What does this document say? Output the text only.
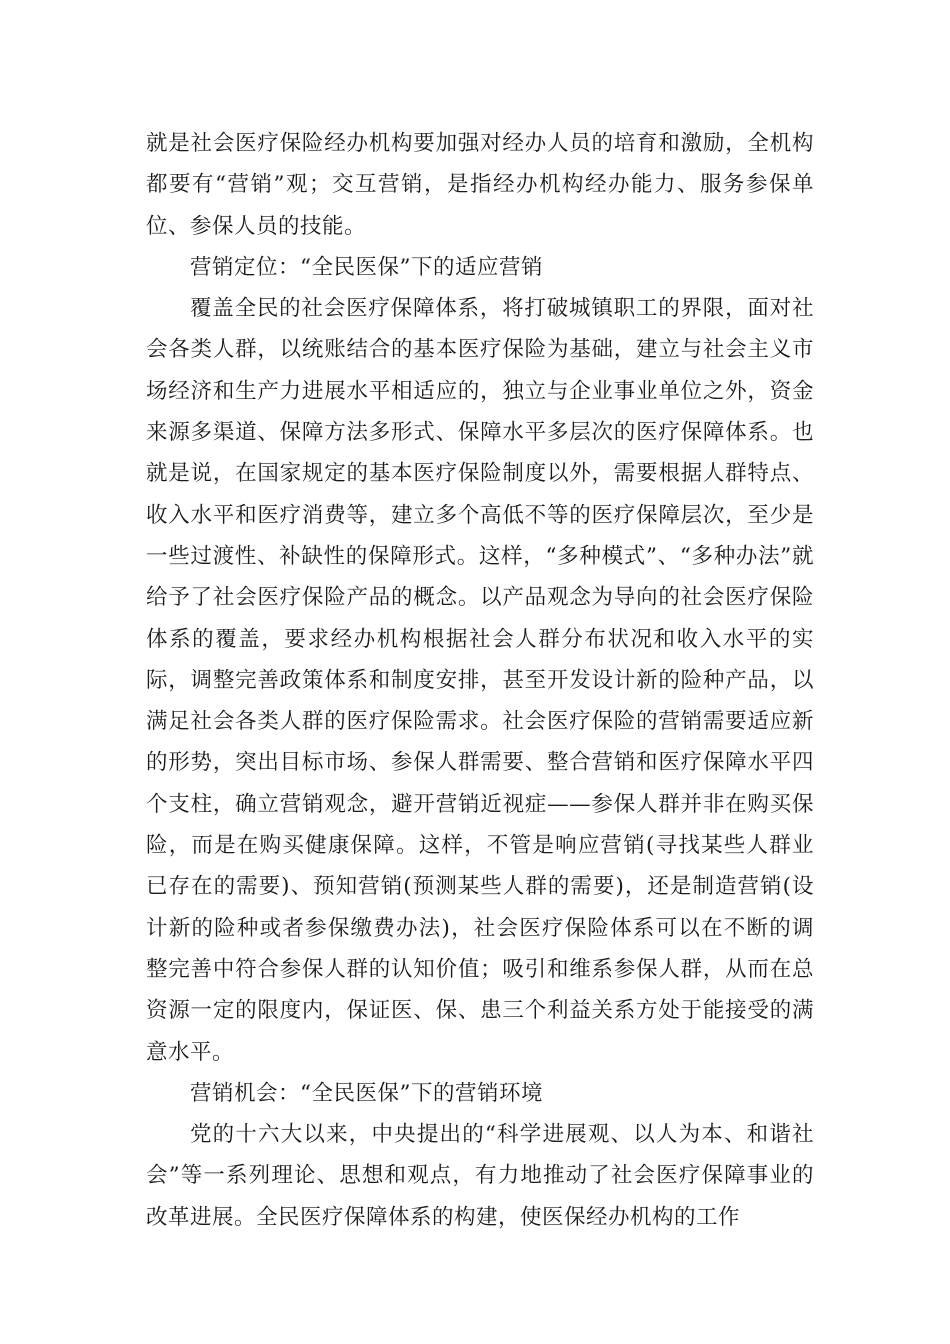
就是社会医疗保险经办机构要加强对经办人员的培育和激励，全机构都要有“营销”观；交互营销，是指经办机构经办能力、服务参保单位、参保人员的技能。

营销定位：“全民医保”下的适应营销

覆盖全民的社会医疗保障体系，将打破城镇职工的界限，面对社会各类人群，以统账结合的基本医疗保险为基础，建立与社会主义市场经济和生产力进展水平相适应的，独立与企业事业单位之外，资金来源多渠道、保障方法多形式、保障水平多层次的医疗保障体系。也就是说，在国家规定的基本医疗保险制度以外，需要根据人群特点、收入水平和医疗消费等，建立多个高低不等的医疗保障层次，至少是一些过渡性、补缺性的保障形式。这样，“多种模式”、“多种办法”就给予了社会医疗保险产品的概念。以产品观念为导向的社会医疗保险体系的覆盖，要求经办机构根据社会人群分布状况和收入水平的实际，调整完善政策体系和制度安排，甚至开发设计新的险种产品，以满足社会各类人群的医疗保险需求。社会医疗保险的营销需要适应新的形势，突出目标市场、参保人群需要、整合营销和医疗保障水平四个支柱，确立营销观念，避开营销近视症——参保人群并非在购买保险，而是在购买健康保障。这样，不管是响应营销(寻找某些人群业已存在的需要)、预知营销(预测某些人群的需要)，还是制造营销(设计新的险种或者参保缴费办法)，社会医疗保险体系可以在不断的调整完善中符合参保人群的认知价值；吸引和维系参保人群，从而在总资源一定的限度内，保证医、保、患三个利益关系方处于能接受的满意水平。

营销机会：“全民医保”下的营销环境

党的十六大以来，中央提出的“科学进展观、以人为本、和谐社会”等一系列理论、思想和观点，有力地推动了社会医疗保障事业的改革进展。全民医疗保障体系的构建，使医保经办机构的工作
